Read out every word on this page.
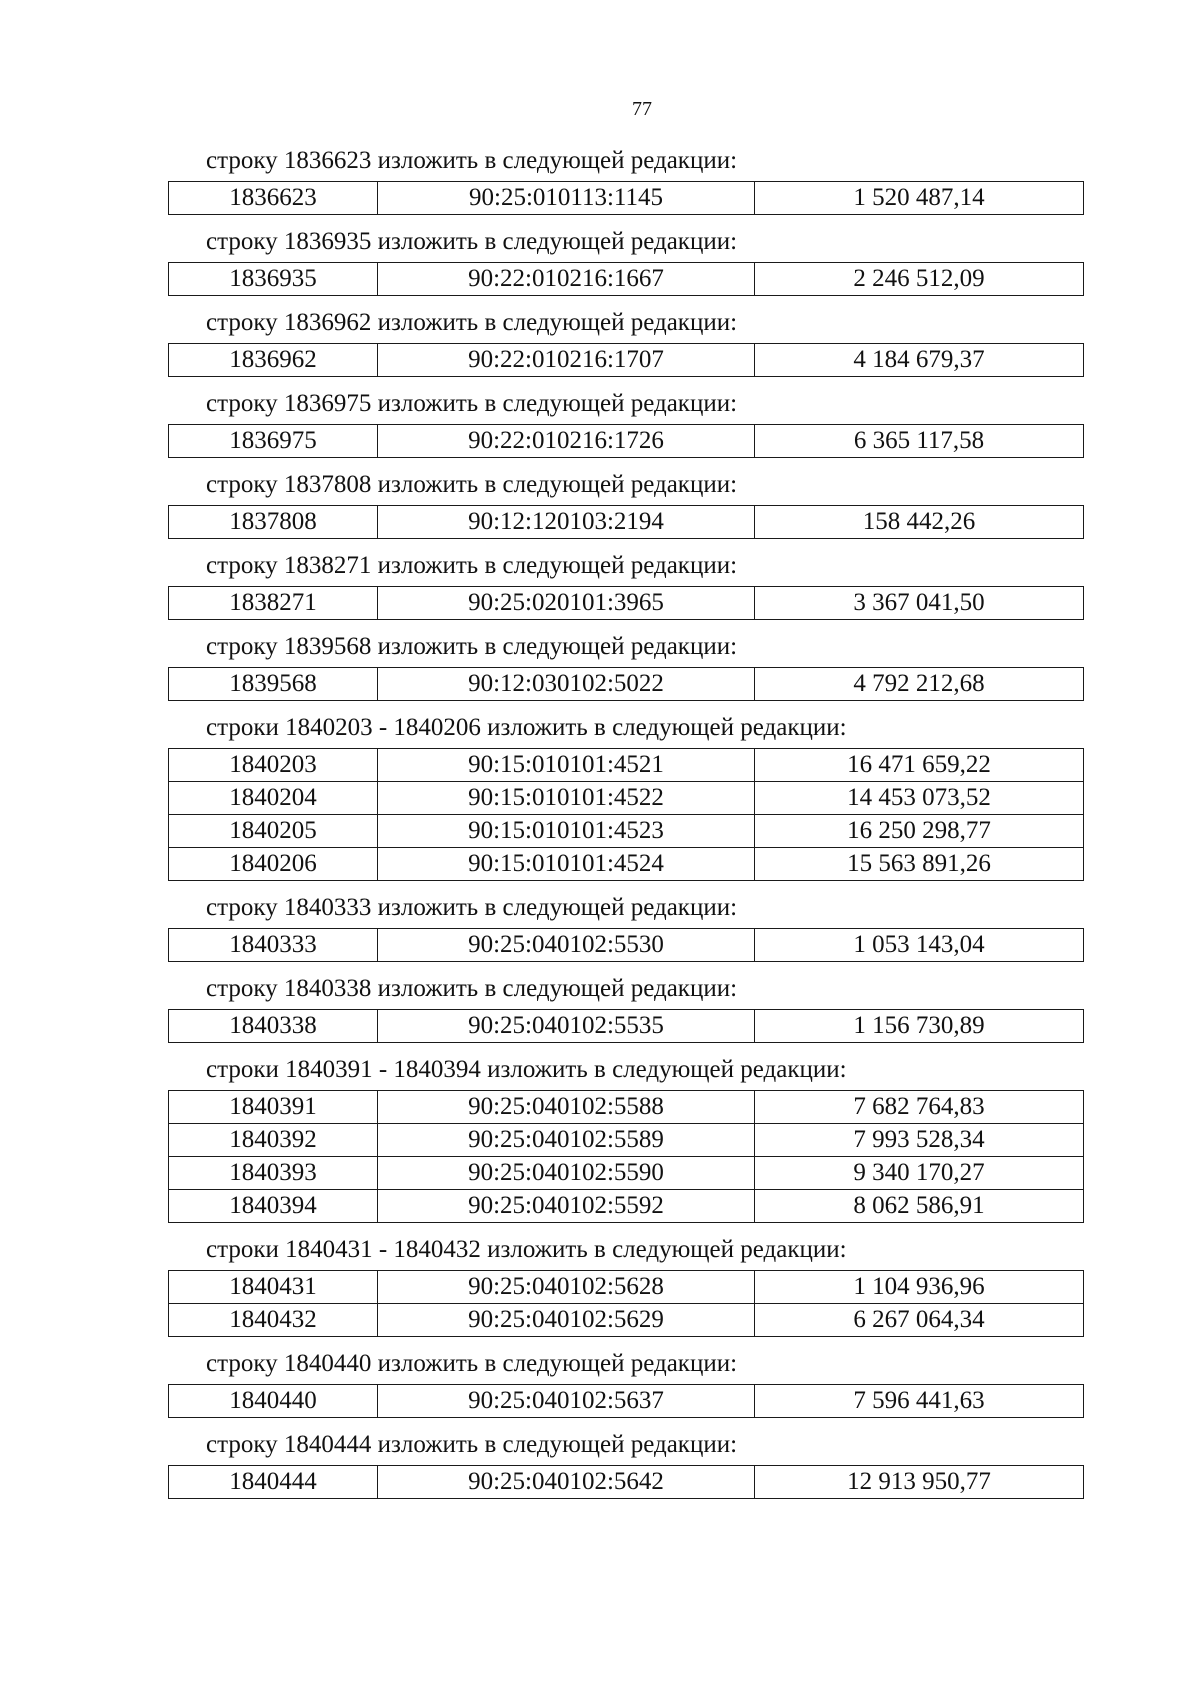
77

строку 1836623 изложить в следующей редакции:

1836623	90:25:010113:1145	1 520 487,14

строку 1836935 изложить в следующей редакции:

1836935	90:22:010216:1667	2 246 512,09

строку 1836962 изложить в следующей редакции:

1836962	90:22:010216:1707	4 184 679,37

строку 1836975 изложить в следующей редакции:

1836975	90:22:010216:1726	6 365 117,58

строку 1837808 изложить в следующей редакции:

1837808	90:12:120103:2194	158 442,26

строку 1838271 изложить в следующей редакции:

1838271	90:25:020101:3965	3 367 041,50

строку 1839568 изложить в следующей редакции:

1839568	90:12:030102:5022	4 792 212,68

строки 1840203 - 1840206 изложить в следующей редакции:

1840203	90:15:010101:4521	16 471 659,22
1840204	90:15:010101:4522	14 453 073,52
1840205	90:15:010101:4523	16 250 298,77
1840206	90:15:010101:4524	15 563 891,26

строку 1840333 изложить в следующей редакции:

1840333	90:25:040102:5530	1 053 143,04

строку 1840338 изложить в следующей редакции:

1840338	90:25:040102:5535	1 156 730,89

строки 1840391 - 1840394 изложить в следующей редакции:

1840391	90:25:040102:5588	7 682 764,83
1840392	90:25:040102:5589	7 993 528,34
1840393	90:25:040102:5590	9 340 170,27
1840394	90:25:040102:5592	8 062 586,91

строки 1840431 - 1840432 изложить в следующей редакции:

1840431	90:25:040102:5628	1 104 936,96
1840432	90:25:040102:5629	6 267 064,34

строку 1840440 изложить в следующей редакции:

1840440	90:25:040102:5637	7 596 441,63

строку 1840444 изложить в следующей редакции:

1840444	90:25:040102:5642	12 913 950,77
